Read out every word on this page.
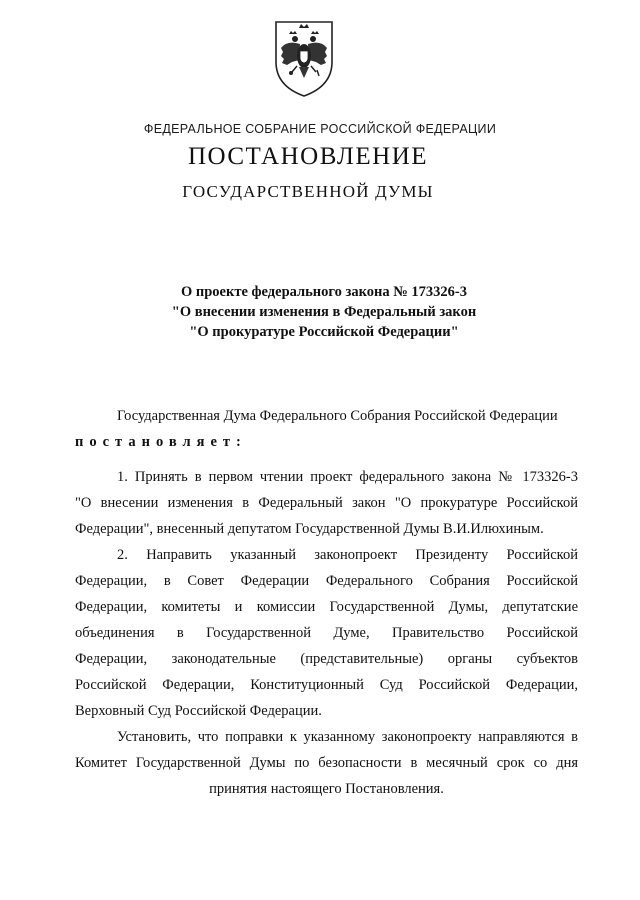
ФЕДЕРАЛЬНОЕ СОБРАНИЕ РОССИЙСКОЙ ФЕДЕРАЦИИ
ПОСТАНОВЛЕНИЕ
ГОСУДАРСТВЕННОЙ ДУМЫ
О проекте федерального закона № 173326-3
"О внесении изменения в Федеральный закон
"О прокуратуре Российской Федерации"
Государственная Дума Федерального Собрания Российской Федерации
постановляет:
1. Принять в первом чтении проект федерального закона № 173326-3
"О внесении изменения в Федеральный закон "О прокуратуре Российской
Федерации", внесенный депутатом Государственной Думы В.И.Илюхиным.
2. Направить указанный законопроект Президенту Российской
Федерации, в Совет Федерации Федерального Собрания Российской
Федерации, комитеты и комиссии Государственной Думы, депутатские
объединения в Государственной Думе, Правительство Российской
Федерации, законодательные (представительные) органы субъектов
Российской Федерации, Конституционный Суд Российской Федерации,
Верховный Суд Российской Федерации.
Установить, что поправки к указанному законопроекту направляются в
Комитет Государственной Думы по безопасности в месячный срок со дня
принятия настоящего Постановления.
